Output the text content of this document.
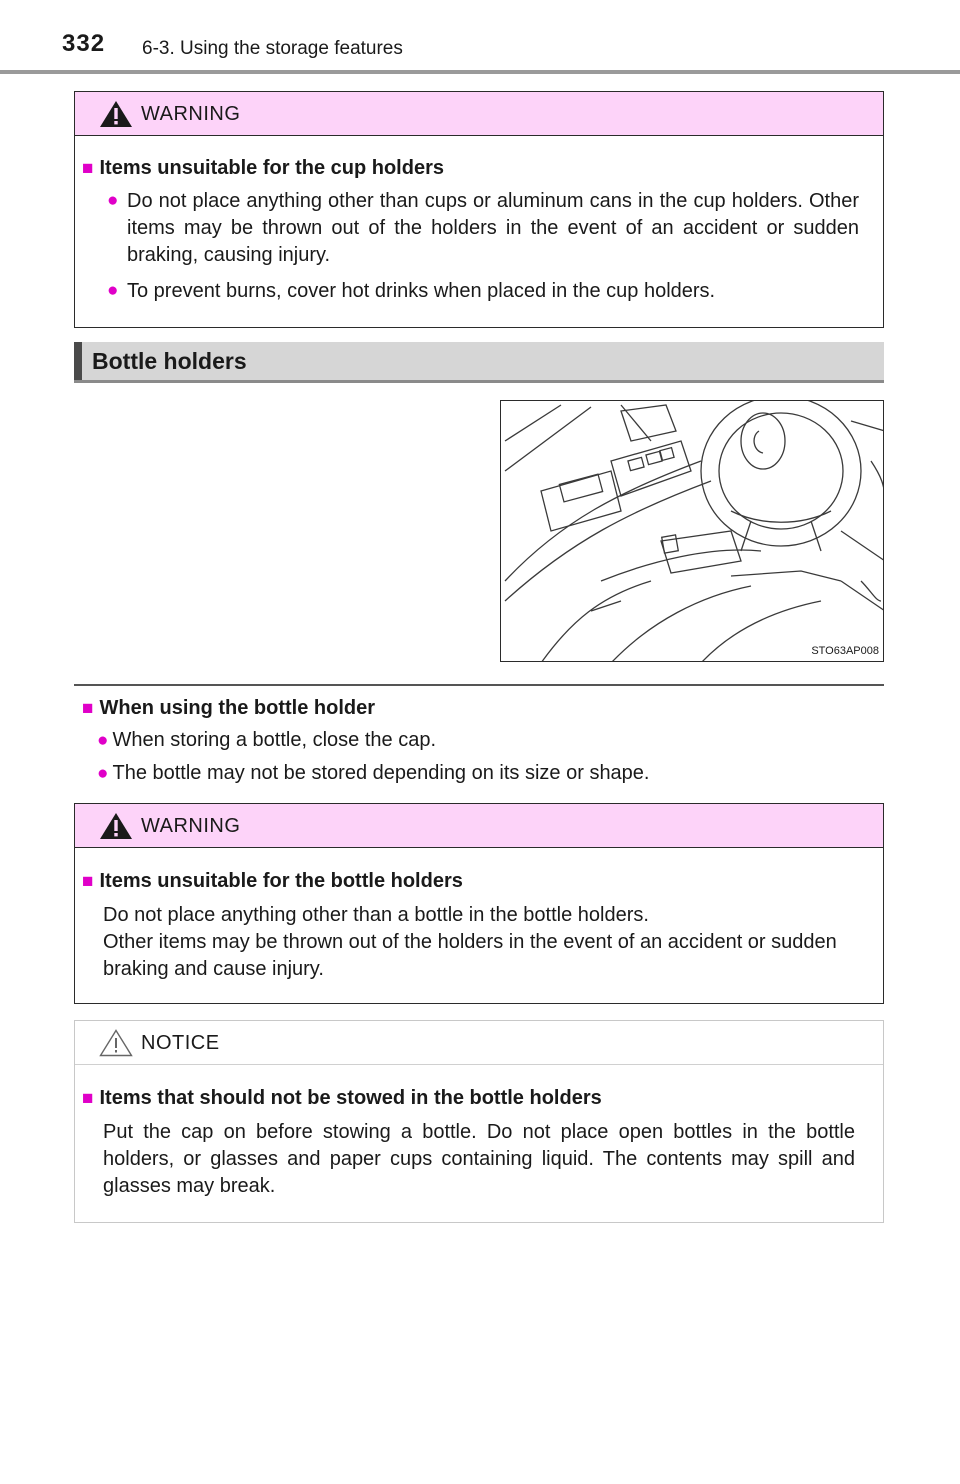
332 6-3. Using the storage features
WARNING
■ Items unsuitable for the cup holders
● Do not place anything other than cups or aluminum cans in the cup holders. Other items may be thrown out of the holders in the event of an accident or sudden braking, causing injury.
● To prevent burns, cover hot drinks when placed in the cup holders.
Bottle holders
STO63AP008
■ When using the bottle holder
● When storing a bottle, close the cap.
● The bottle may not be stored depending on its size or shape.
WARNING
■ Items unsuitable for the bottle holders
Do not place anything other than a bottle in the bottle holders.
Other items may be thrown out of the holders in the event of an accident or sudden braking and cause injury.
NOTICE
■ Items that should not be stowed in the bottle holders
Put the cap on before stowing a bottle. Do not place open bottles in the bottle holders, or glasses and paper cups containing liquid. The contents may spill and glasses may break.
